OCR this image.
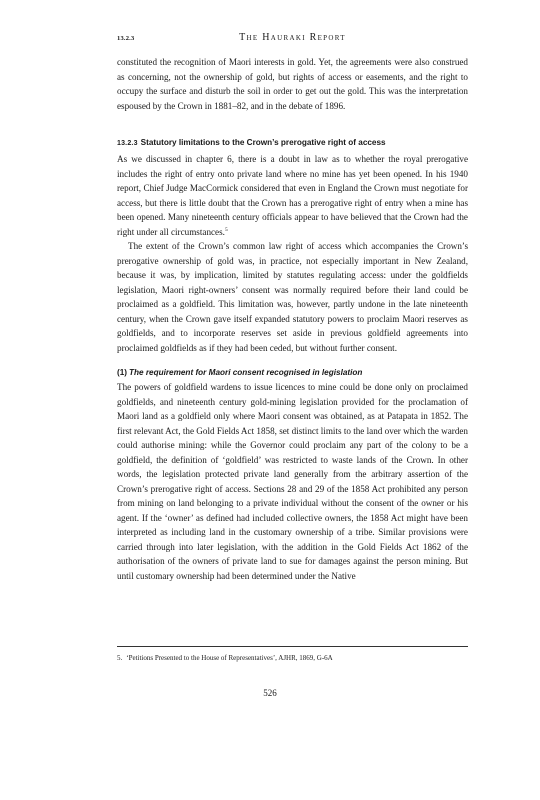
13.2.3	The Hauraki Report

constituted the recognition of Maori interests in gold. Yet, the agreements were also construed as concerning, not the ownership of gold, but rights of access or easements, and the right to occupy the surface and disturb the soil in order to get out the gold. This was the interpretation espoused by the Crown in 1881–82, and in the debate of 1896.

13.2.3 Statutory limitations to the Crown’s prerogative right of access

As we discussed in chapter 6, there is a doubt in law as to whether the royal prerogative includes the right of entry onto private land where no mine has yet been opened. In his 1940 report, Chief Judge MacCormick considered that even in England the Crown must negotiate for access, but there is little doubt that the Crown has a prerogative right of entry when a mine has been opened. Many nineteenth century officials appear to have believed that the Crown had the right under all circumstances.$^5$

The extent of the Crown’s common law right of access which accompanies the Crown’s prerogative ownership of gold was, in practice, not especially important in New Zealand, because it was, by implication, limited by statutes regulating access: under the goldfields legislation, Maori right-owners’ consent was normally required before their land could be proclaimed as a goldfield. This limitation was, however, partly undone in the late nineteenth century, when the Crown gave itself expanded statutory powers to proclaim Maori reserves as goldfields, and to incorporate reserves set aside in previous goldfield agreements into proclaimed goldfields as if they had been ceded, but without further consent.

(1) The requirement for Maori consent recognised in legislation

The powers of goldfield wardens to issue licences to mine could be done only on proclaimed goldfields, and nineteenth century gold-mining legislation provided for the proclamation of Maori land as a goldfield only where Maori consent was obtained, as at Patapata in 1852. The first relevant Act, the Gold Fields Act 1858, set distinct limits to the land over which the warden could authorise mining: while the Governor could proclaim any part of the colony to be a goldfield, the definition of ‘goldfield’ was restricted to waste lands of the Crown. In other words, the legislation protected private land generally from the arbitrary assertion of the Crown’s prerogative right of access. Sections 28 and 29 of the 1858 Act prohibited any person from mining on land belonging to a private individual without the consent of the owner or his agent. If the ‘owner’ as defined had included collective owners, the 1858 Act might have been interpreted as including land in the customary ownership of a tribe. Similar provisions were carried through into later legislation, with the addition in the Gold Fields Act 1862 of the authorisation of the owners of private land to sue for damages against the person mining. But until customary ownership had been determined under the Native

5. ‘Petitions Presented to the House of Representatives’, AJHR, 1869, G-6A
526
